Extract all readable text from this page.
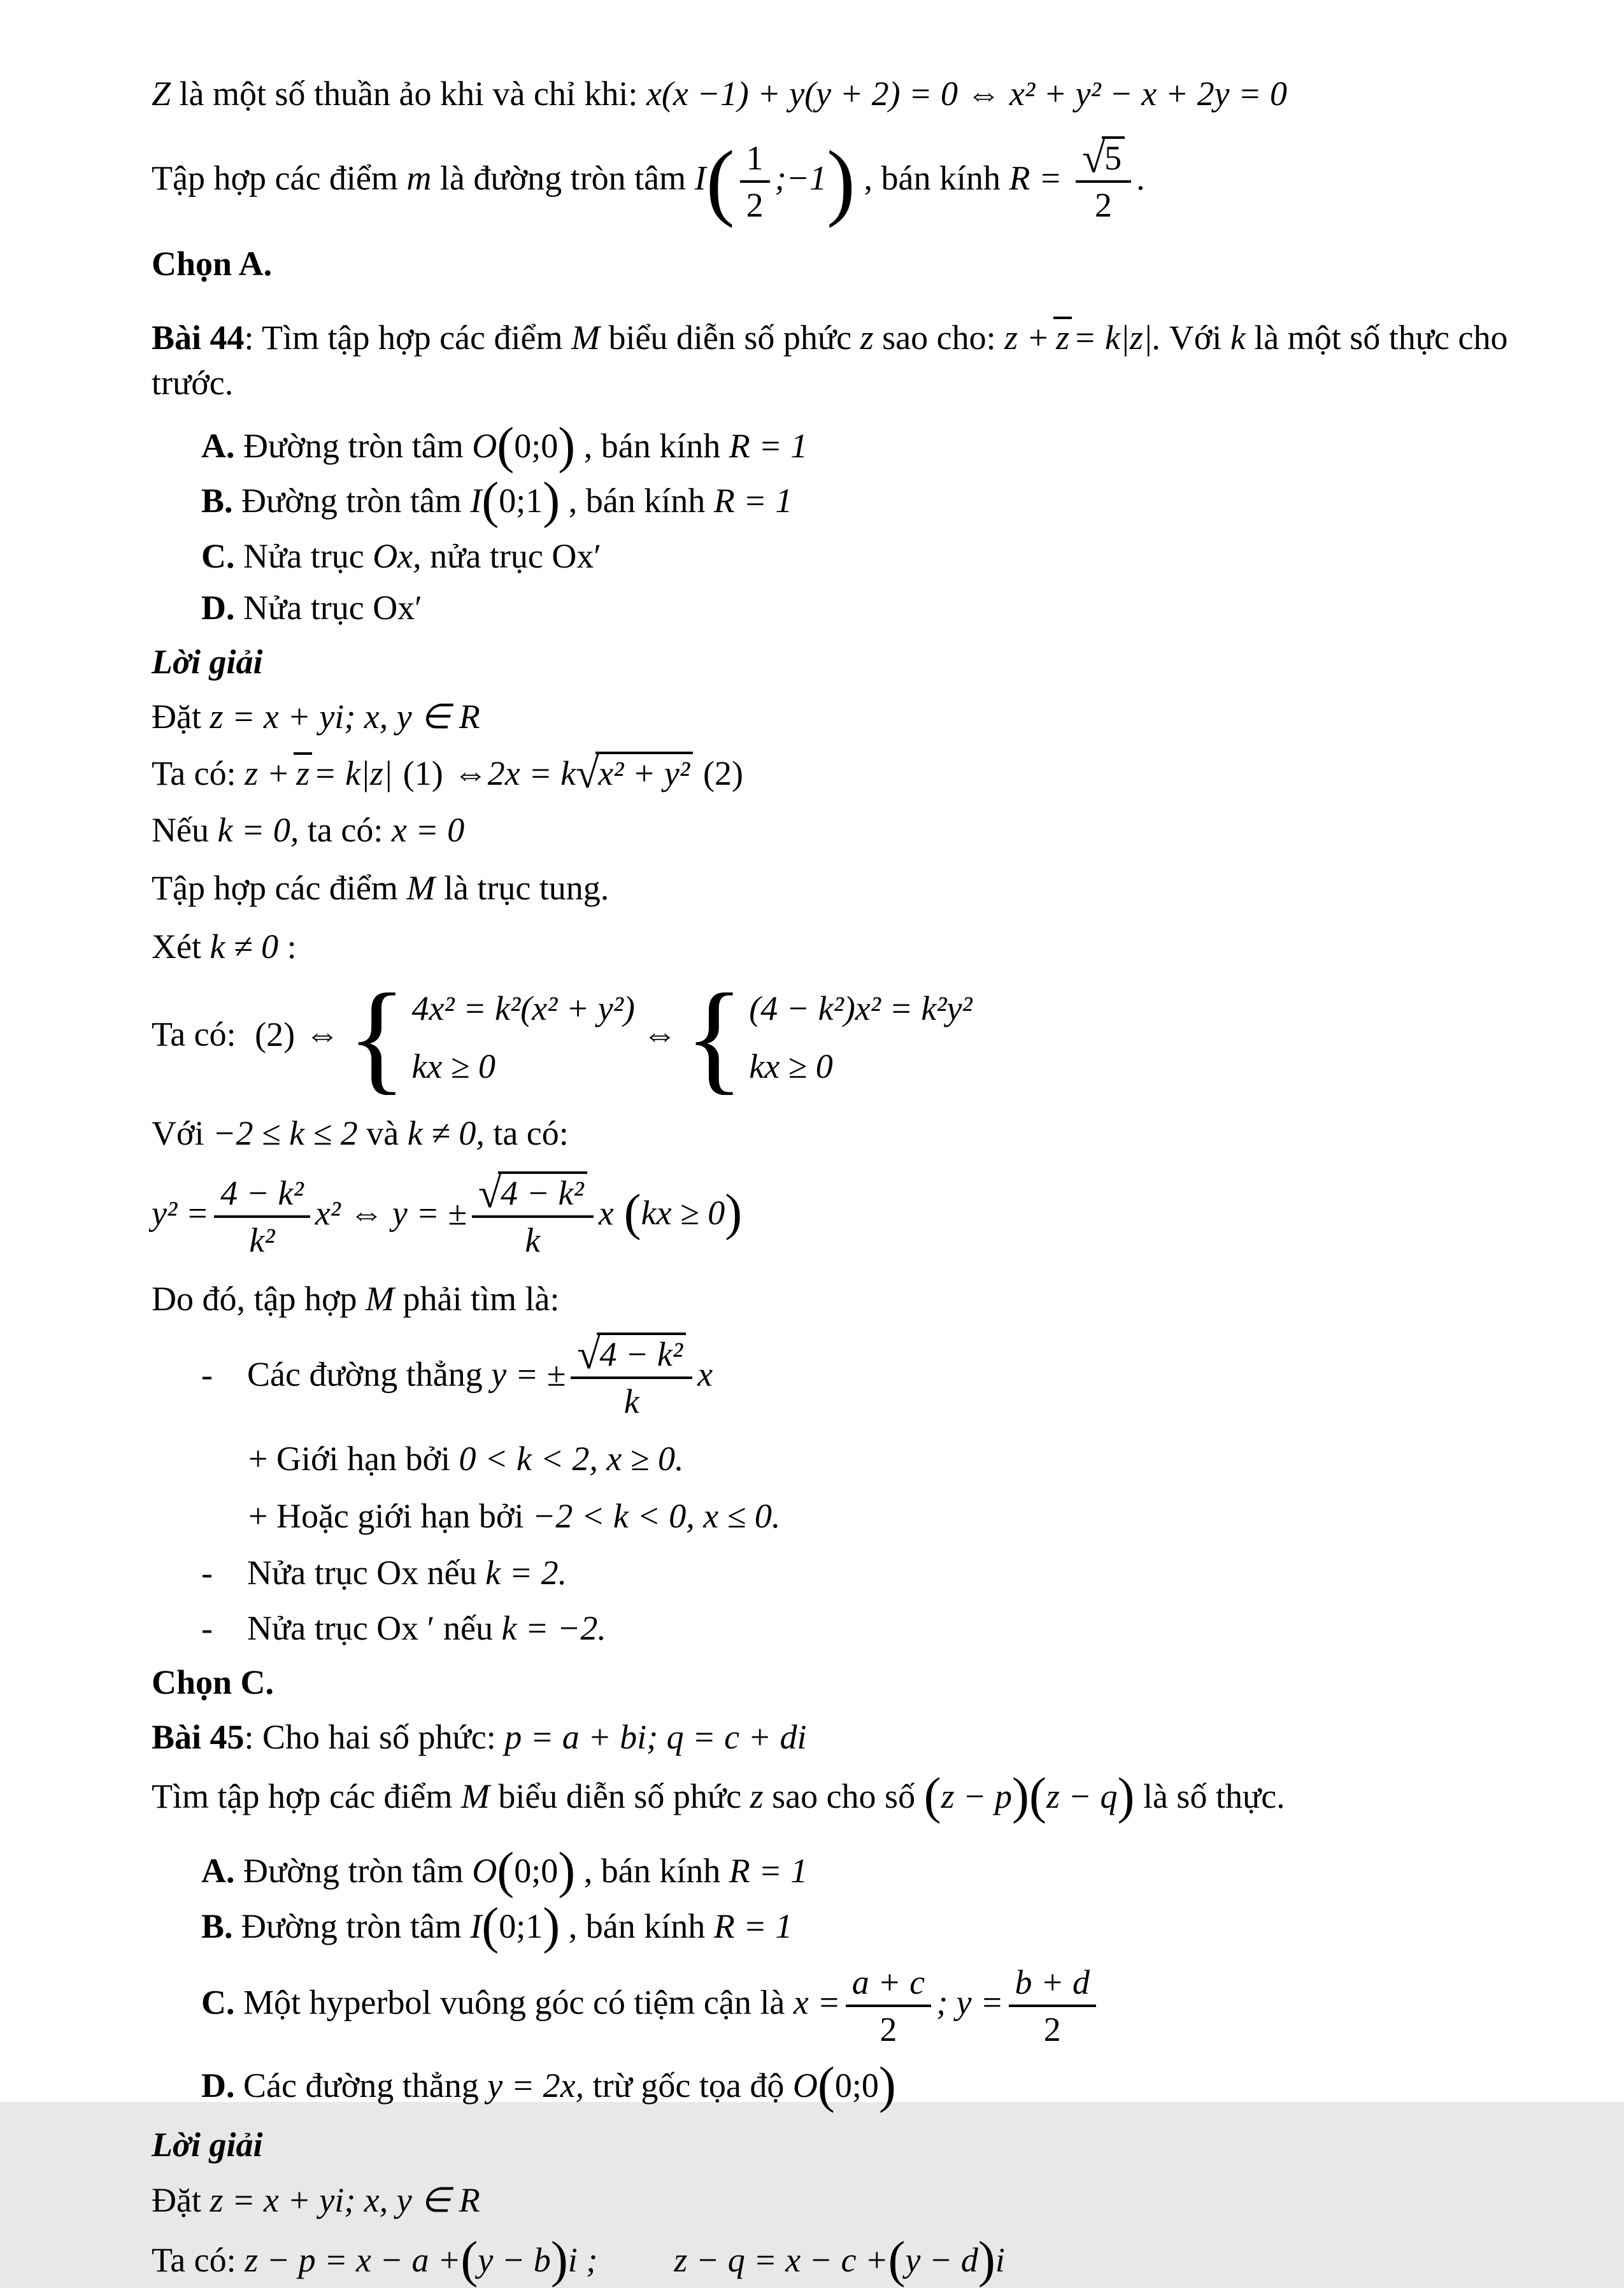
Z là một số thuần ảo khi và chỉ khi: x(x −1) + y(y + 2) = 0 ⇔ x² + y² − x + 2y = 0
Tập hợp các điểm m là đường tròn tâm $I( \frac{1}{2}$ ;−1) , bán kính $R = \frac{√5}{2}$ .
Chọn A.
Bài 44: Tìm tập hợp các điểm M biểu diễn số phức z sao cho: z + z = k|z|. Với k là một số thực cho trước.
A. Đường tròn tâm O(0;0) , bán kính R = 1
B. Đường tròn tâm I(0;1) , bán kính R = 1
C. Nửa trục Ox, nửa trục Ox′
D. Nửa trục Ox′
Lời giải
Đặt z = x + yi; x, y ∈ R
Ta có: z + z = k|z| (1) ⇔2x = k√x² + y² (2)
Nếu k = 0, ta có: x = 0
Tập hợp các điểm M là trục tung.
Xét k ≠ 0 :
Ta có: (2) ⇔ { 4x² = k²(x² + y²)
kx ≥ 0
⇔ { (4 − k²)x² = k²y²
kx ≥ 0
Với −2 ≤ k ≤ 2 và k ≠ 0, ta có:
$y^2 = \frac{\text{4 − k²}}{\text{k²}} x^2$ ⇔ y = ± $\frac{\text{√4 − k²}}{k}$ x (kx ≥ 0)
Do đó, tập hợp M phải tìm là:
- Các đường thẳng y = ± $\frac{\text{√4 − k²}}{k}$ x
+ Giới hạn bởi 0 < k < 2, x ≥ 0.
+ Hoặc giới hạn bởi −2 < k < 0, x ≤ 0.
- Nửa trục Ox nếu k = 2.
- Nửa trục Ox ′ nếu k = −2.
Chọn C.
Bài 45: Cho hai số phức: p = a + bi; q = c + di
Tìm tập hợp các điểm M biểu diễn số phức z sao cho số (z − p)(z − q) là số thực.
A. Đường tròn tâm O(0;0) , bán kính R = 1
B. Đường tròn tâm I(0;1) , bán kính R = 1
C. Một hyperbol vuông góc có tiệm cận là $x = \frac{a + c}{2}$ ; $y = \frac{b + d}{2}$
D. Các đường thẳng y = 2x, trừ gốc tọa độ O(0;0)
Lời giải
Đặt z = x + yi; x, y ∈ R
Ta có: z − p = x − a +(y − b)i ; z − q = x − c +(y − d)i
